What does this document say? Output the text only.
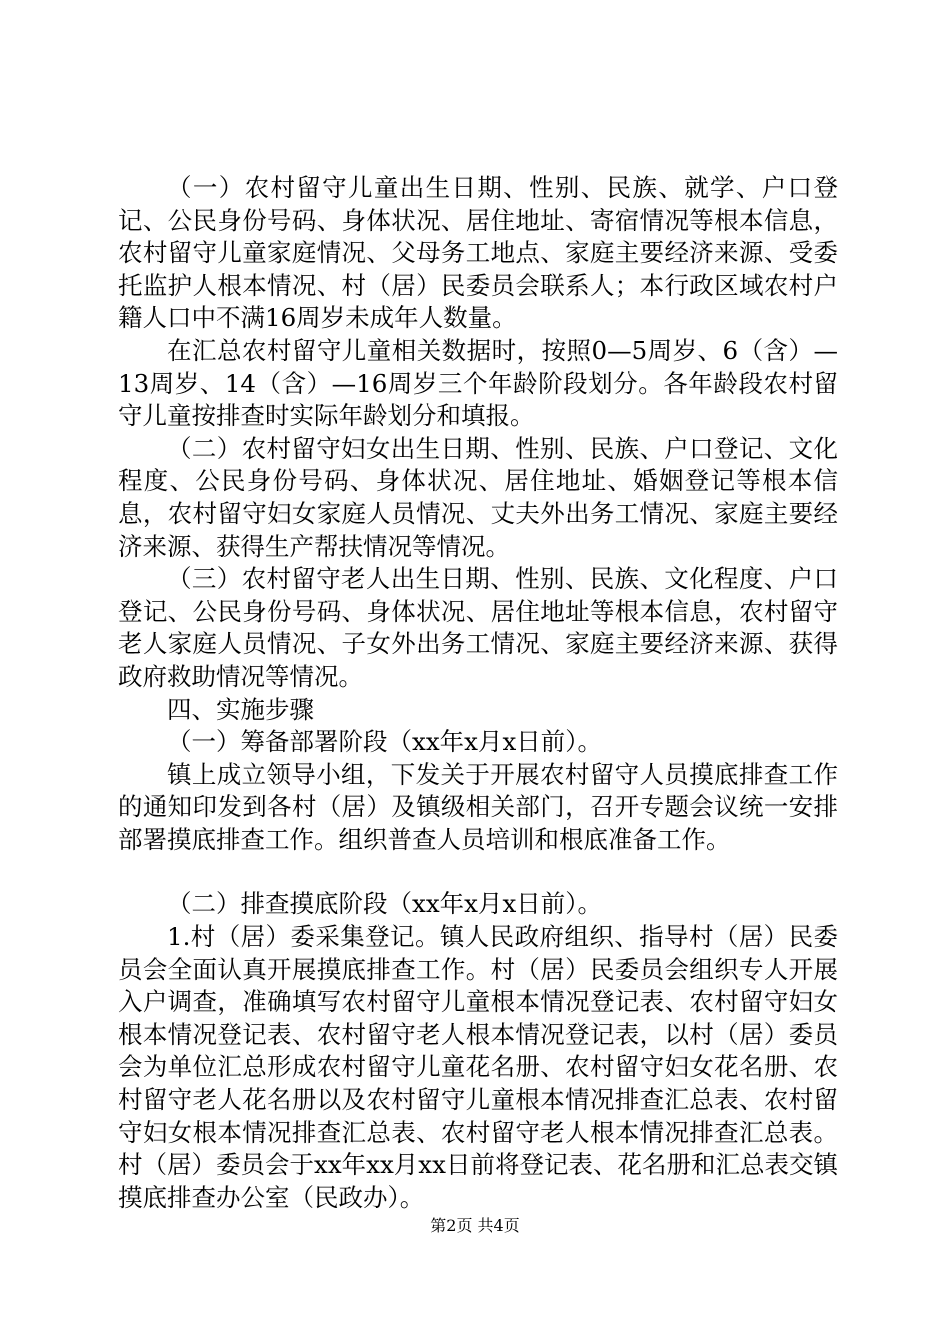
（一）农村留守儿童出生日期、性别、民族、就学、户口登记、公民身份号码、身体状况、居住地址、寄宿情况等根本信息，农村留守儿童家庭情况、父母务工地点、家庭主要经济来源、受委托监护人根本情况、村（居）民委员会联系人；本行政区域农村户籍人口中不满16周岁未成年人数量。

在汇总农村留守儿童相关数据时，按照0—5周岁、6（含）—13周岁、14（含）—16周岁三个年龄阶段划分。各年龄段农村留守儿童按排查时实际年龄划分和填报。

（二）农村留守妇女出生日期、性别、民族、户口登记、文化程度、公民身份号码、身体状况、居住地址、婚姻登记等根本信息，农村留守妇女家庭人员情况、丈夫外出务工情况、家庭主要经济来源、获得生产帮扶情况等情况。

（三）农村留守老人出生日期、性别、民族、文化程度、户口登记、公民身份号码、身体状况、居住地址等根本信息，农村留守老人家庭人员情况、子女外出务工情况、家庭主要经济来源、获得政府救助情况等情况。

四、实施步骤

（一）筹备部署阶段（xx年x月x日前）。

镇上成立领导小组，下发关于开展农村留守人员摸底排查工作的通知印发到各村（居）及镇级相关部门，召开专题会议统一安排部署摸底排查工作。组织普查人员培训和根底准备工作。

（二）排查摸底阶段（xx年x月x日前）。

1.村（居）委采集登记。镇人民政府组织、指导村（居）民委员会全面认真开展摸底排查工作。村（居）民委员会组织专人开展入户调查，准确填写农村留守儿童根本情况登记表、农村留守妇女根本情况登记表、农村留守老人根本情况登记表，以村（居）委员会为单位汇总形成农村留守儿童花名册、农村留守妇女花名册、农村留守老人花名册以及农村留守儿童根本情况排查汇总表、农村留守妇女根本情况排查汇总表、农村留守老人根本情况排查汇总表。村（居）委员会于xx年xx月xx日前将登记表、花名册和汇总表交镇摸底排查办公室（民政办）。

第2页 共4页
